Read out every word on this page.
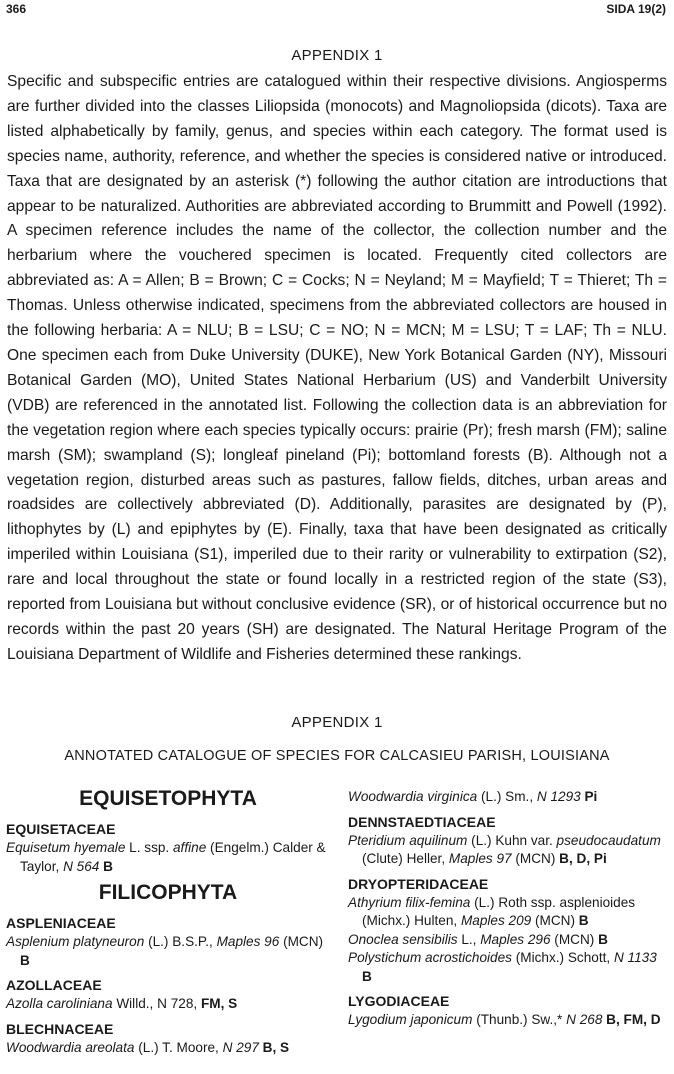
366	SIDA 19(2)
APPENDIX 1

Specific and subspecific entries are catalogued within their respective divisions. Angiosperms are further divided into the classes Liliopsida (monocots) and Magnoliopsida (dicots). Taxa are listed alphabetically by family, genus, and species within each category. The format used is species name, authority, reference, and whether the species is considered native or introduced. Taxa that are designated by an asterisk (*) following the author citation are introductions that appear to be naturalized. Authorities are abbreviated according to Brummitt and Powell (1992). A specimen reference includes the name of the collector, the collection number and the herbarium where the vouchered specimen is located. Frequently cited collectors are abbreviated as: A = Allen; B = Brown; C = Cocks; N = Neyland; M = Mayfield; T = Thieret; Th = Thomas. Unless otherwise indicated, specimens from the abbreviated collectors are housed in the following herbaria: A = NLU; B = LSU; C = NO; N = MCN; M = LSU; T = LAF; Th = NLU. One specimen each from Duke University (DUKE), New York Botanical Garden (NY), Missouri Botanical Garden (MO), United States National Herbarium (US) and Vanderbilt University (VDB) are referenced in the annotated list. Following the collection data is an abbreviation for the vegetation region where each species typically occurs: prairie (Pr); fresh marsh (FM); saline marsh (SM); swampland (S); longleaf pineland (Pi); bottomland forests (B). Although not a vegetation region, disturbed areas such as pastures, fallow fields, ditches, urban areas and roadsides are collectively abbreviated (D). Additionally, parasites are designated by (P), lithophytes by (L) and epiphytes by (E). Finally, taxa that have been designated as critically imperiled within Louisiana (S1), imperiled due to their rarity or vulnerability to extirpation (S2), rare and local throughout the state or found locally in a restricted region of the state (S3), reported from Louisiana but without conclusive evidence (SR), or of historical occurrence but no records within the past 20 years (SH) are designated. The Natural Heritage Program of the Louisiana Department of Wildlife and Fisheries determined these rankings.

APPENDIX 1
ANNOTATED CATALOGUE OF SPECIES FOR CALCASIEU PARISH, LOUISIANA
EQUISETOPHYTA
EQUISETACEAE

Equisetum hyemale L. ssp. affine (Engelm.) Calder & Taylor, N 564 B

FILICOPHYTA
ASPLENIACEAE

Asplenium platyneuron (L.) B.S.P., Maples 96 (MCN) B

AZOLLACEAE

Azolla caroliniana Willd., N 728, FM, S

BLECHNACEAE

Woodwardia areolata (L.) T. Moore, N 297 B, S

Woodwardia virginica (L.) Sm., N 1293 Pi

DENNSTAEDTIACEAE

Pteridium aquilinum (L.) Kuhn var. pseudocaudatum (Clute) Heller, Maples 97 (MCN) B, D, Pi

DRYOPTERIDACEAE

Athyrium filix-femina (L.) Roth ssp. asplenioides (Michx.) Hulten, Maples 209 (MCN) B

Onoclea sensibilis L., Maples 296 (MCN) B

Polystichum acrostichoides (Michx.) Schott, N 1133 B

LYGODIACEAE

Lygodium japonicum (Thunb.) Sw.,* N 268 B, FM, D
